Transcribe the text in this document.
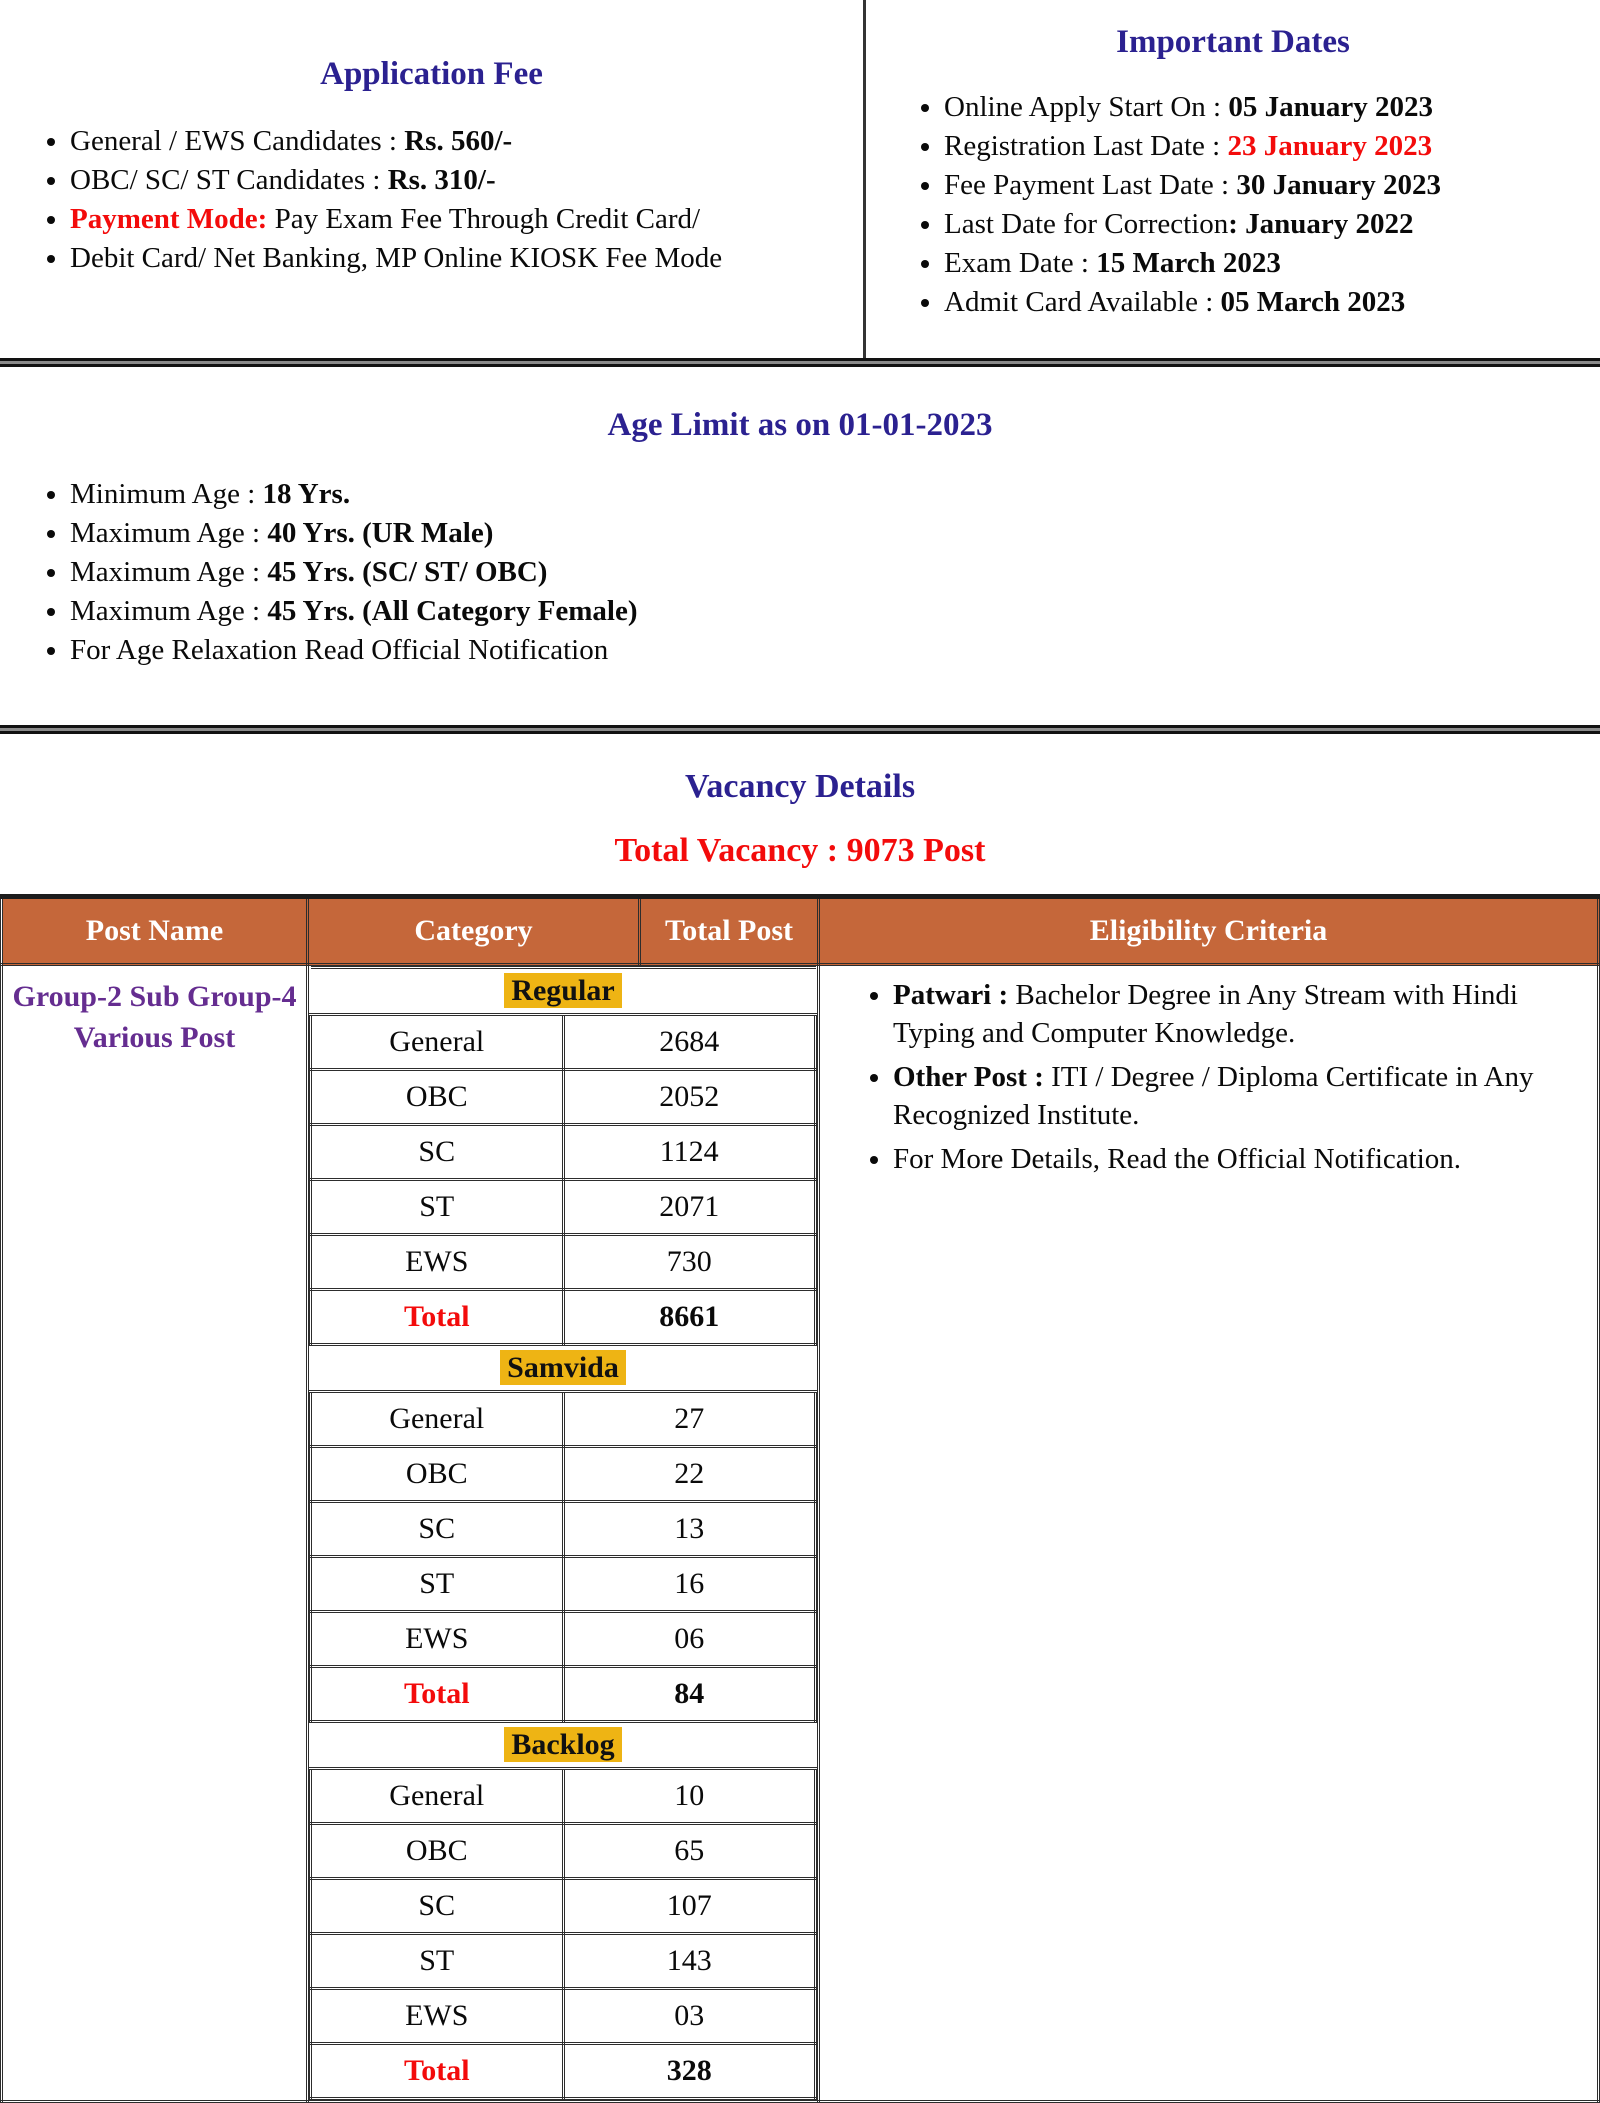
Application Fee
• General / EWS Candidates : Rs. 560/-
• OBC/ SC/ ST Candidates : Rs. 310/-
• Payment Mode: Pay Exam Fee Through Credit Card/
• Debit Card/ Net Banking, MP Online KIOSK Fee Mode
Important Dates
• Online Apply Start On : 05 January 2023
• Registration Last Date : 23 January 2023
• Fee Payment Last Date : 30 January 2023
• Last Date for Correction: January 2022
• Exam Date : 15 March 2023
• Admit Card Available : 05 March 2023
Age Limit as on 01-01-2023
• Minimum Age : 18 Yrs.
• Maximum Age : 40 Yrs. (UR Male)
• Maximum Age : 45 Yrs. (SC/ ST/ OBC)
• Maximum Age : 45 Yrs. (All Category Female)
• For Age Relaxation Read Official Notification
Vacancy Details

Total Vacancy : 9073 Post

Post Name	Category	Total Post	Eligibility Criteria
Group-2 Sub Group-4 Various Post	
Regular
General	2684
OBC	2052
SC	1124
ST	2071
EWS	730
Total	8661
Samvida
General	27
OBC	22
SC	13
ST	16
EWS	06
Total	84
Backlog
General	10
OBC	65
SC	107
ST	143
EWS	03
Total	328

• Patwari : Bachelor Degree in Any Stream with Hindi Typing and Computer Knowledge.
• Other Post : ITI / Degree / Diploma Certificate in Any Recognized Institute.
• For More Details, Read the Official Notification.
